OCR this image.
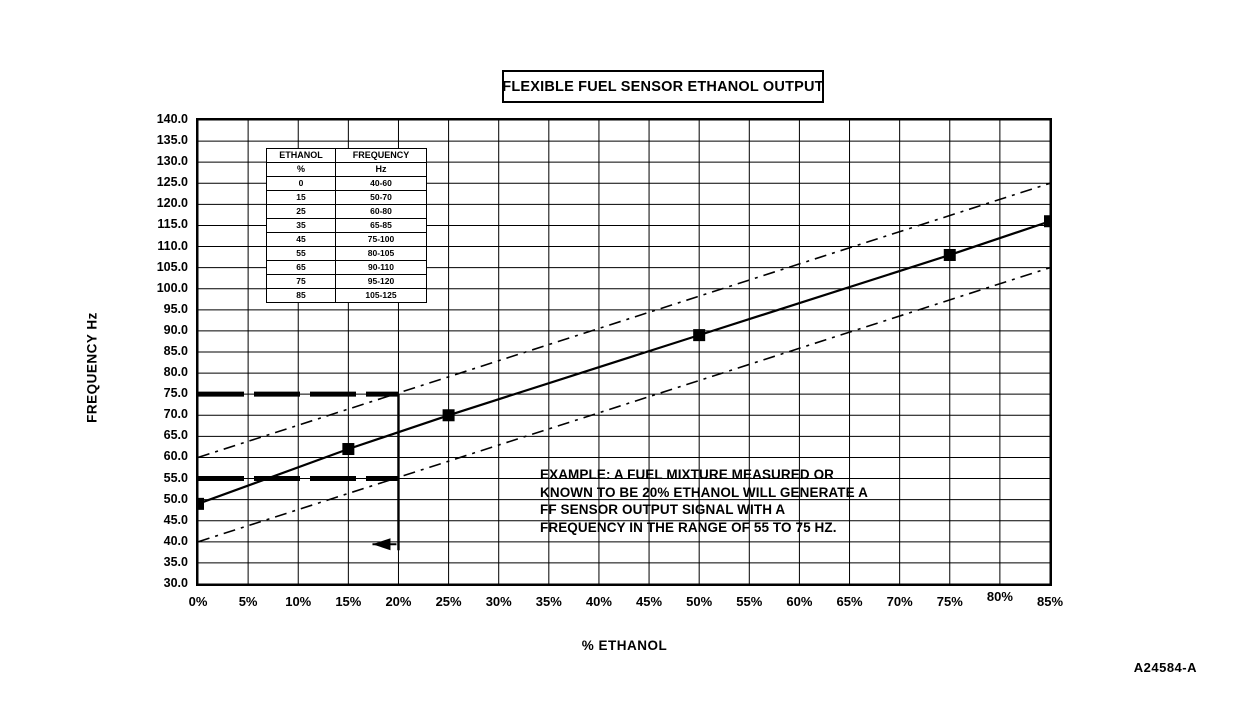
FLEXIBLE FUEL SENSOR ETHANOL OUTPUT
FREQUENCY Hz
% ETHANOL
30.0
35.0
40.0
45.0
50.0
55.0
60.0
65.0
70.0
75.0
80.0
85.0
90.0
95.0
100.0
105.0
110.0
115.0
120.0
125.0
130.0
135.0
140.0
0%	5%	10%	15%	20%	25%	30%	35%	40%	45%	50%	55%	60%	65%	70%	75%	80%	85%
ETHANOL	FREQUENCY
%	Hz
0	40-60
15	50-70
25	60-80
35	65-85
45	75-100
55	80-105
65	90-110
75	95-120
85	105-125
EXAMPLE: A FUEL MIXTURE MEASURED OR KNOWN TO BE 20% ETHANOL WILL GENERATE A FF SENSOR OUTPUT SIGNAL WITH A FREQUENCY IN THE RANGE OF 55 TO 75 HZ.
A24584-A
